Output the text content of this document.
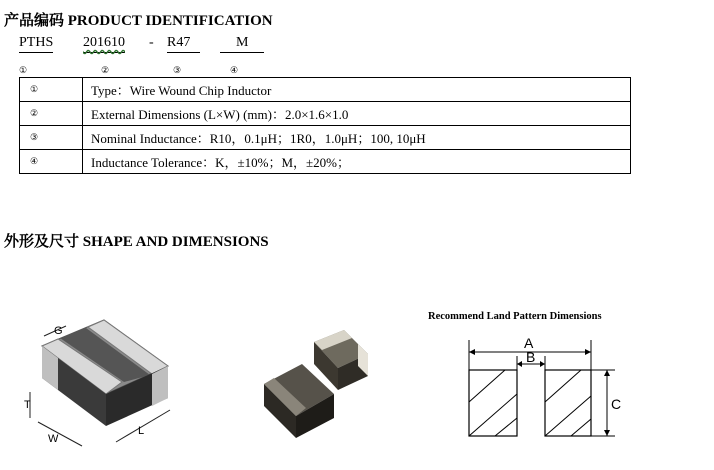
产品编码 PRODUCT IDENTIFICATION
PTHS 201610 - R47	M
①	②	③	④
①	Type：Wire Wound Chip Inductor
②	External Dimensions (L×W) (mm)：2.0×1.6×1.0
③	Nominal Inductance：R10，0.1μH；1R0，1.0μH；100, 10μH
④	Inductance Tolerance：K，±10%；M，±20%；
外形及尺寸 SHAPE AND DIMENSIONS
G
T
W
L
Recommend Land Pattern Dimensions
A
B
C
